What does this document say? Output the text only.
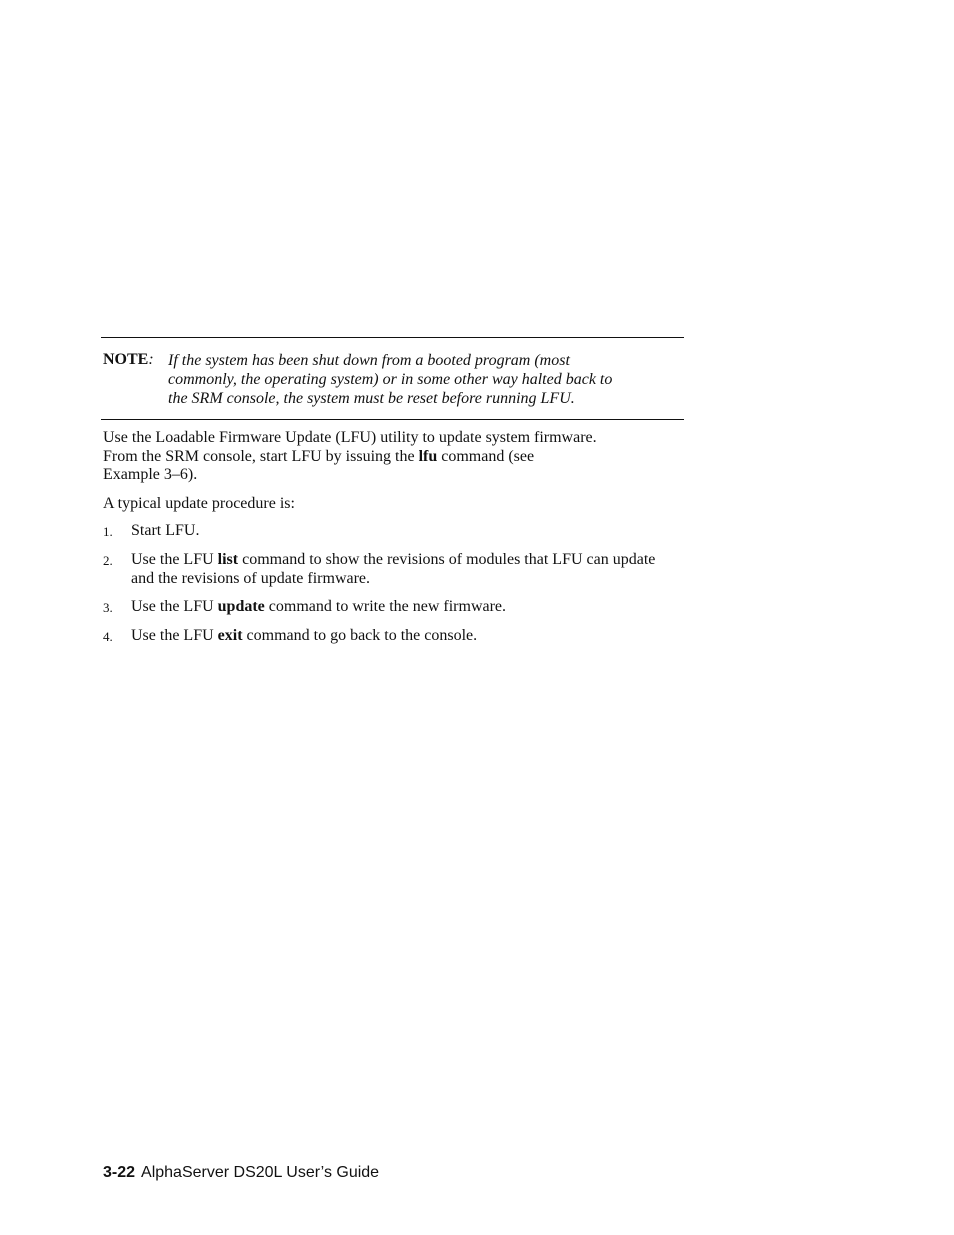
NOTE: If the system has been shut down from a booted program (most
commonly, the operating system) or in some other way halted back to
the SRM console, the system must be reset before running LFU.
Use the Loadable Firmware Update (LFU) utility to update system firmware.
From the SRM console, start LFU by issuing the lfu command (see
Example 3–6).
A typical update procedure is:
1. Start LFU.
2. Use the LFU list command to show the revisions of modules that LFU can update and the revisions of update firmware.
3. Use the LFU update command to write the new firmware.
4. Use the LFU exit command to go back to the console.
3-22 AlphaServer DS20L User’s Guide
